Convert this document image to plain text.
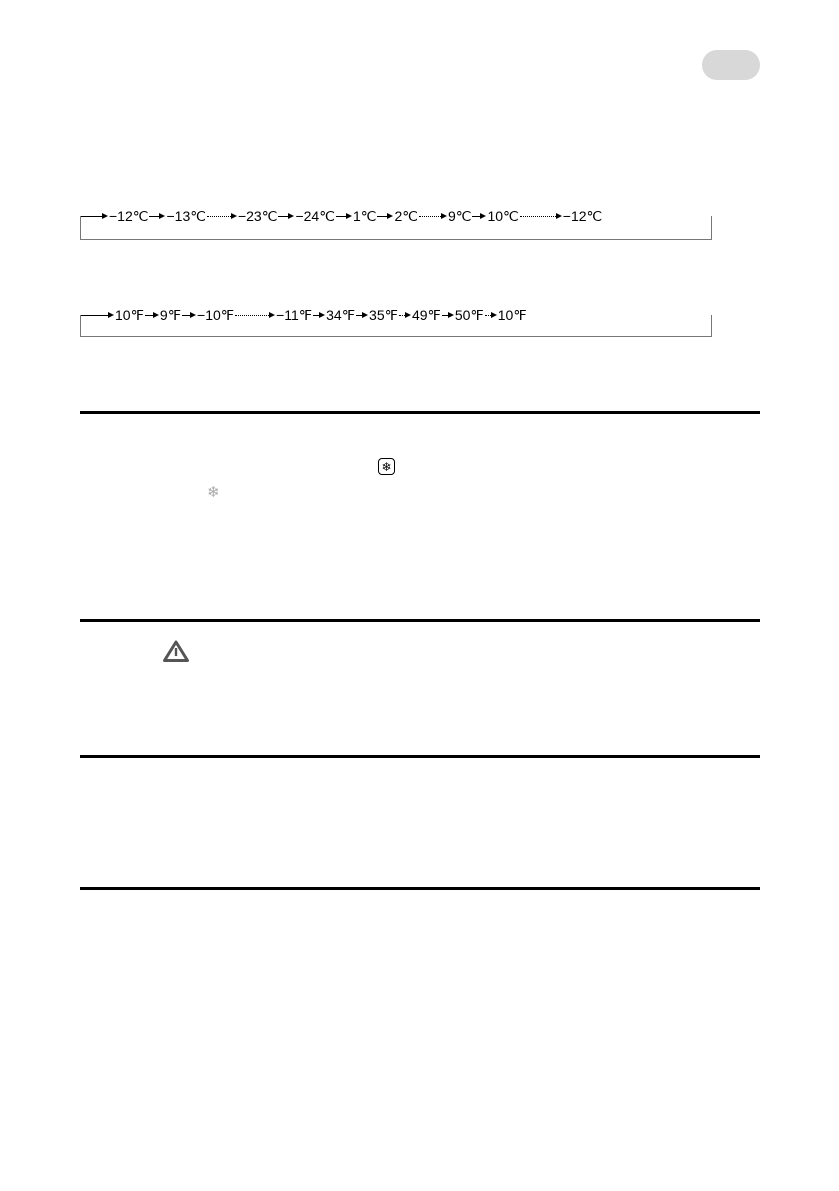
−12℃ −13℃ −23℃ −24℃ 1℃ 2℃ 9℃ 10℃	−12℃
10℉ 9℉ −10℉	−11℉ 34℉ 35℉ 49℉ 50℉ 10℉
❄
❄
